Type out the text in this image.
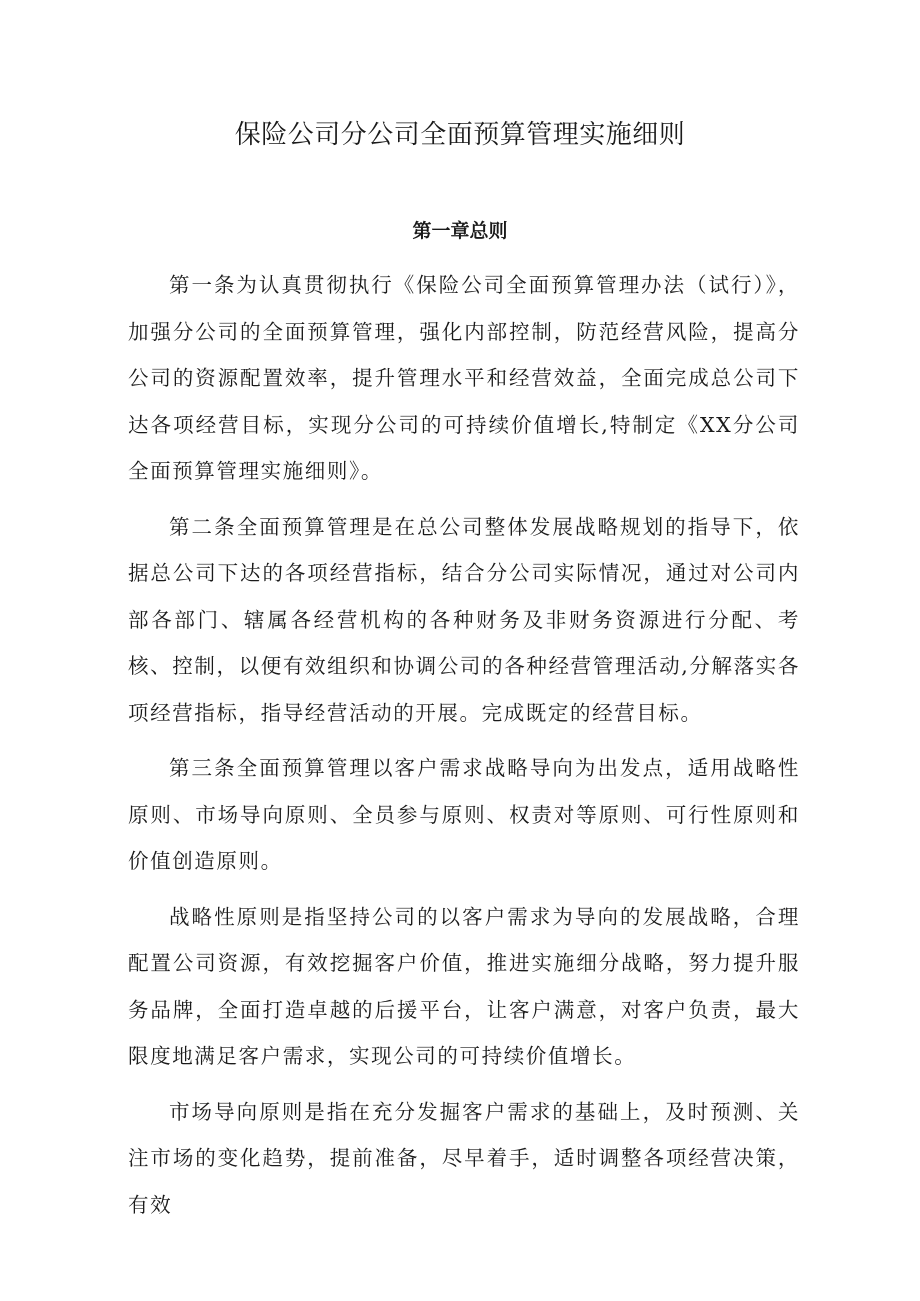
保险公司分公司全面预算管理实施细则
第一章总则

第一条为认真贯彻执行《保险公司全面预算管理办法（试行）》，加强分公司的全面预算管理，强化内部控制，防范经营风险，提高分公司的资源配置效率，提升管理水平和经营效益，全面完成总公司下达各项经营目标，实现分公司的可持续价值增长,特制定《XX分公司全面预算管理实施细则》。

第二条全面预算管理是在总公司整体发展战略规划的指导下，依据总公司下达的各项经营指标，结合分公司实际情况，通过对公司内部各部门、辖属各经营机构的各种财务及非财务资源进行分配、考核、控制，以便有效组织和协调公司的各种经营管理活动,分解落实各项经营指标，指导经营活动的开展。完成既定的经营目标。

第三条全面预算管理以客户需求战略导向为出发点，适用战略性原则、市场导向原则、全员参与原则、权责对等原则、可行性原则和价值创造原则。

战略性原则是指坚持公司的以客户需求为导向的发展战略，合理配置公司资源，有效挖掘客户价值，推进实施细分战略，努力提升服务品牌，全面打造卓越的后援平台，让客户满意，对客户负责，最大限度地满足客户需求，实现公司的可持续价值增长。

市场导向原则是指在充分发掘客户需求的基础上，及时预测、关注市场的变化趋势，提前准备，尽早着手，适时调整各项经营决策，有效
